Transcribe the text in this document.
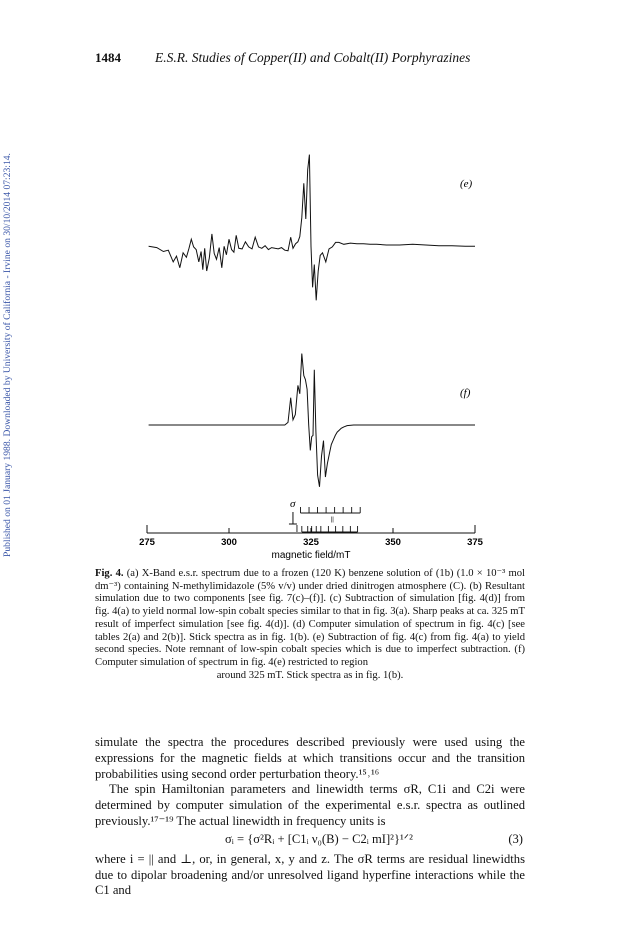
Published on 01 January 1988. Downloaded by University of California - Irvine on 30/10/2014 07:23:14.
1484	E.S.R. Studies of Copper(II) and Cobalt(II) Porphyrazines
(e)
(f)
σ
||
275	300	325	350	375
magnetic field/mT
Fig. 4. (a) X-Band e.s.r. spectrum due to a frozen (120 K) benzene solution of (1b) (1.0 × 10⁻³ mol dm⁻³) containing N-methylimidazole (5% v/v) under dried dinitrogen atmosphere (C). (b) Resultant simulation due to two components [see fig. 7(c)–(f)]. (c) Subtraction of simulation [fig. 4(d)] from fig. 4(a) to yield normal low-spin cobalt species similar to that in fig. 3(a). Sharp peaks at ca. 325 mT result of imperfect simulation [see fig. 4(d)]. (d) Computer simulation of spectrum in fig. 4(c) [see tables 2(a) and 2(b)]. Stick spectra as in fig. 1(b). (e) Subtraction of fig. 4(c) from fig. 4(a) to yield second species. Note remnant of low-spin cobalt species which is due to imperfect subtraction. (f) Computer simulation of spectrum in fig. 4(e) restricted to region
around 325 mT. Stick spectra as in fig. 1(b).

simulate the spectra the procedures described previously were used using the expressions for the magnetic fields at which transitions occur and the transition probabilities using second order perturbation theory.¹⁵˒¹⁶

The spin Hamiltonian parameters and linewidth terms σR, C1i and C2i were determined by computer simulation of the experimental e.s.r. spectra as outlined previously.¹⁷⁻¹⁹ The actual linewidth in frequency units is

σᵢ = {σ²Rᵢ + [C1ᵢ ν₀(B) − C2ᵢ mI]²}¹ᐟ²	(3)

where i = || and ⊥, or, in general, x, y and z. The σR terms are residual linewidths due to dipolar broadening and/or unresolved ligand hyperfine interactions while the C1 and
